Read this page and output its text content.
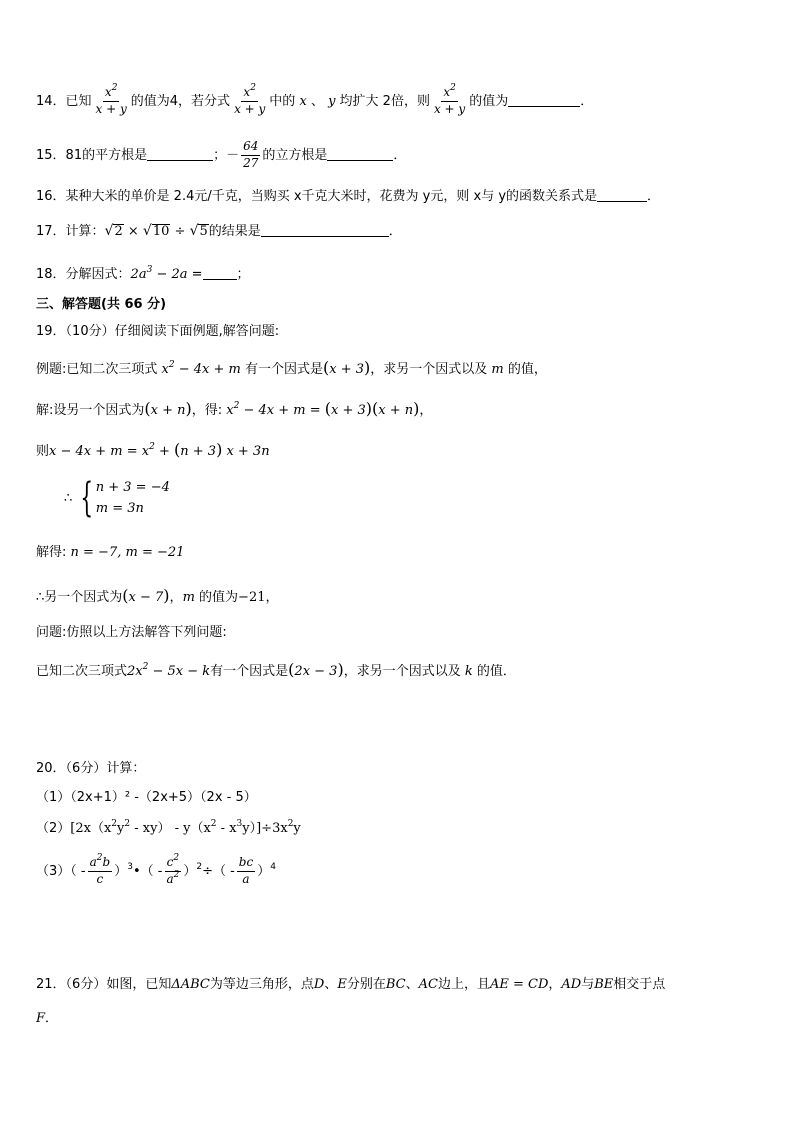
14．已知 $\frac{x^2}{x + y}$ 的值为4，若分式 $\frac{x^2}{x + y}$ 中的 x 、 y 均扩大 2倍，则 $\frac{x^2}{x + y}$ 的值为	．
15．81的平方根是	；－ $\frac{64}{27}$ 的立方根是	．
16．某种大米的单价是 2.4元/千克，当购买 x千克大米时，花费为 y元，则 x与 y的函数关系式是	．
17．计算：√2 × √10 ÷ √5的结果是	．
18．分解因式：$2a^3 - 2a$ =	；
三、解答题(共 66 分)
19．（10分）仔细阅读下面例题,解答问题:
例题:已知二次三项式 $x^2 - 4x + m$ 有一个因式是(x + 3)，求另一个因式以及 m 的值，
解:设另一个因式为(x + n)，得: $x^2 - 4x + m = (x + 3)(x + n)$，
则$x - 4x + m = x^2 + (n + 3) x + 3n$
∴ { n + 3 = −4
m = 3n
解得: n = −7, m = −21
∴另一个因式为(x − 7)，m 的值为−21，
问题:仿照以上方法解答下列问题:
已知二次三项式$2x^2 - 5x - k$有一个因式是(2x − 3)，求另一个因式以及 k 的值．
20．（6分）计算：
（1）（2x+1）² -（2x+5）（2x - 5）
$(2)[2x(x^2y^2 - xy) - y(x^2 - x^3y)]\div 3x^2y$
$(3)( - \frac{a^2b}{c}$ ）$^3$•（ - $\frac{c^2}{a^2} )^2\div( - \frac{bc}{a} )^4$
21．（6分）如图，已知ΔABC为等边三角形，点D、E分别在BC、AC边上，且AE = CD，AD与BE相交于点
F．
